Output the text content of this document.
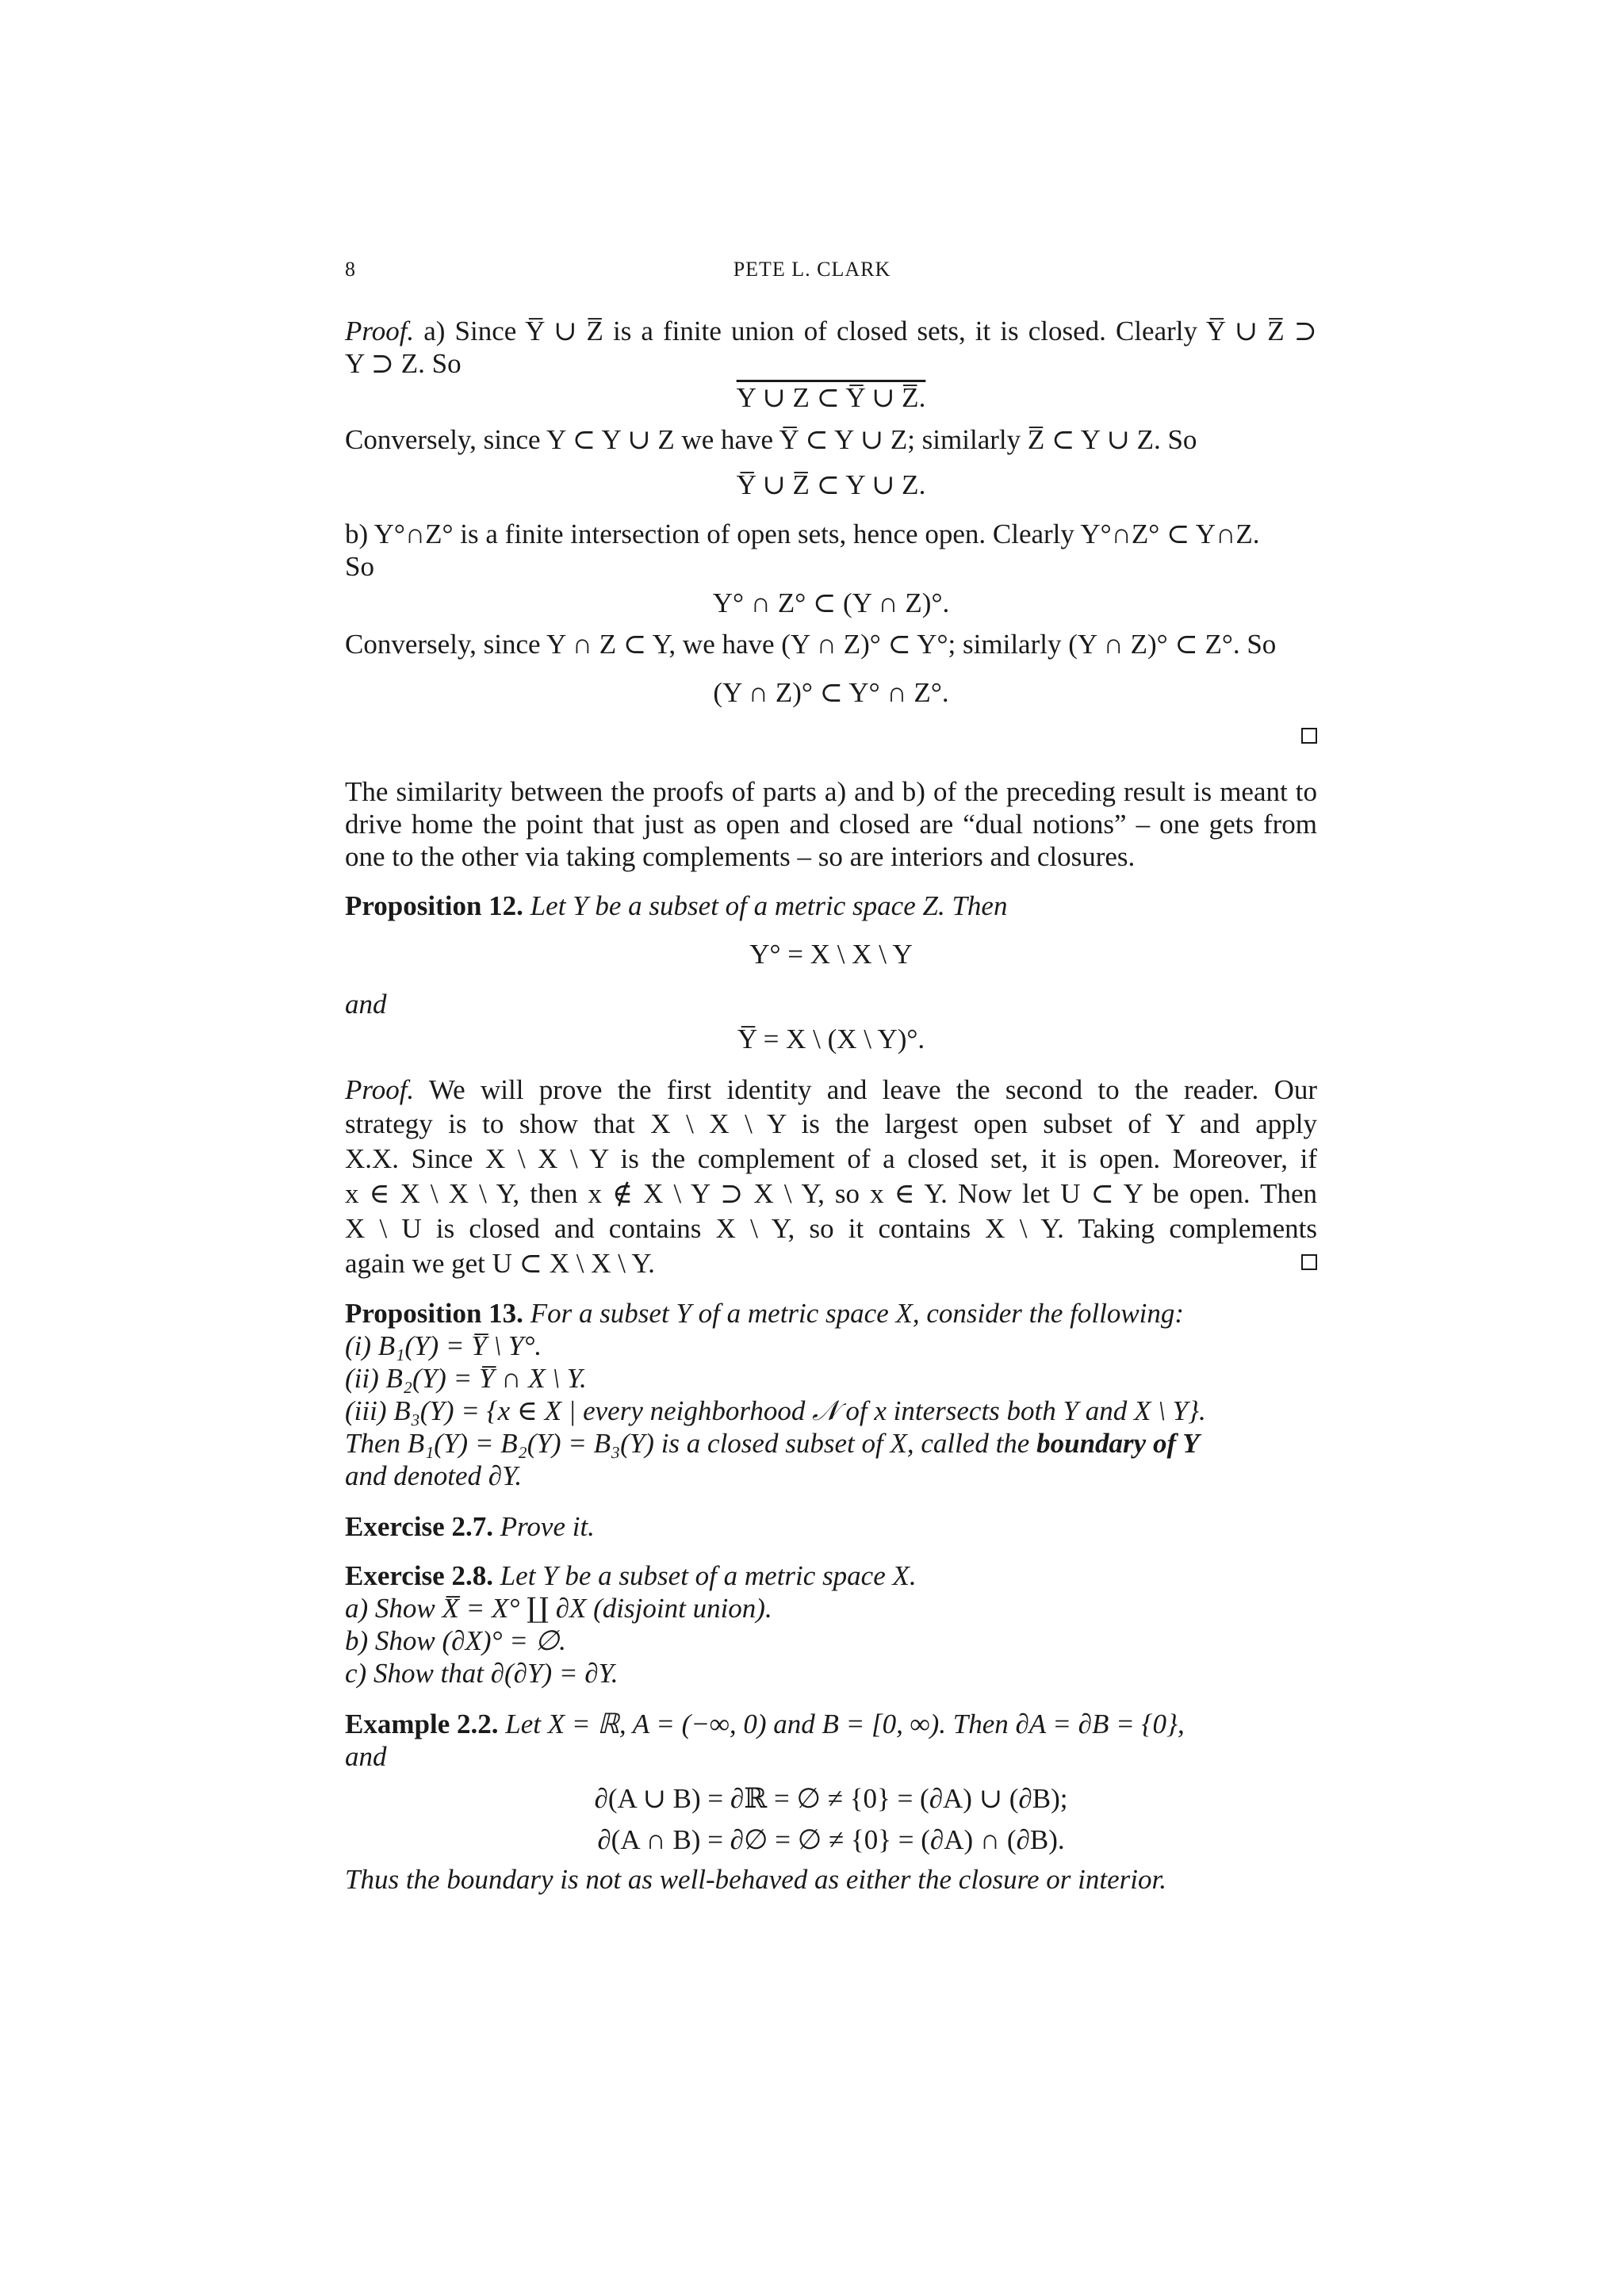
8	PETE L. CLARK
Proof. a) Since Y̅ ∪ Z̅ is a finite union of closed sets, it is closed. Clearly Y̅ ∪ Z̅ ⊃
Y ⊃ Z. So
Y ∪ Z ⊂ Y̅ ∪ Z̅.
Conversely, since Y ⊂ Y ∪ Z we have Y̅ ⊂ Y ∪ Z; similarly Z̅ ⊂ Y ∪ Z. So
Y̅ ∪ Z̅ ⊂ Y ∪ Z.
b) Y°∩Z° is a finite intersection of open sets, hence open. Clearly Y°∩Z° ⊂ Y∩Z.
So
Y° ∩ Z° ⊂ (Y ∩ Z)°.
Conversely, since Y ∩ Z ⊂ Y, we have (Y ∩ Z)° ⊂ Y°; similarly (Y ∩ Z)° ⊂ Z°. So
(Y ∩ Z)° ⊂ Y° ∩ Z°.
The similarity between the proofs of parts a) and b) of the preceding result is meant to drive home the point that just as open and closed are “dual notions” – one gets from one to the other via taking complements – so are interiors and closures.
Proposition 12. Let Y be a subset of a metric space Z. Then
Y° = X \ X \ Y
and
Y̅ = X \ (X \ Y)°.
Proof. We will prove the first identity and leave the second to the reader. Our
strategy is to show that X \ X \ Y is the largest open subset of Y and apply
X.X. Since X \ X \ Y is the complement of a closed set, it is open. Moreover, if
x ∈ X \ X \ Y, then x ∉ X \ Y ⊃ X \ Y, so x ∈ Y. Now let U ⊂ Y be open. Then
X \ U is closed and contains X \ Y, so it contains X \ Y. Taking complements
again we get U ⊂ X \ X \ Y.
Proposition 13. For a subset Y of a metric space X, consider the following:
(i) B₁(Y) = Y̅ \ Y°.
(ii) B₂(Y) = Y̅ ∩ X \ Y.
(iii) B₃(Y) = {x ∈ X | every neighborhood 𝒩 of x intersects both Y and X \ Y}.
Then B₁(Y) = B₂(Y) = B₃(Y) is a closed subset of X, called the boundary of Y
and denoted ∂Y.
Exercise 2.7. Prove it.
Exercise 2.8. Let Y be a subset of a metric space X.
a) Show X̅ = X° ∐ ∂X (disjoint union).
b) Show (∂X)° = ∅.
c) Show that ∂(∂Y) = ∂Y.
Example 2.2. Let X = ℝ, A = (−∞, 0) and B = [0, ∞). Then ∂A = ∂B = {0},
and
∂(A ∪ B) = ∂ℝ = ∅ ≠ {0} = (∂A) ∪ (∂B);
∂(A ∩ B) = ∂∅ = ∅ ≠ {0} = (∂A) ∩ (∂B).
Thus the boundary is not as well-behaved as either the closure or interior.
